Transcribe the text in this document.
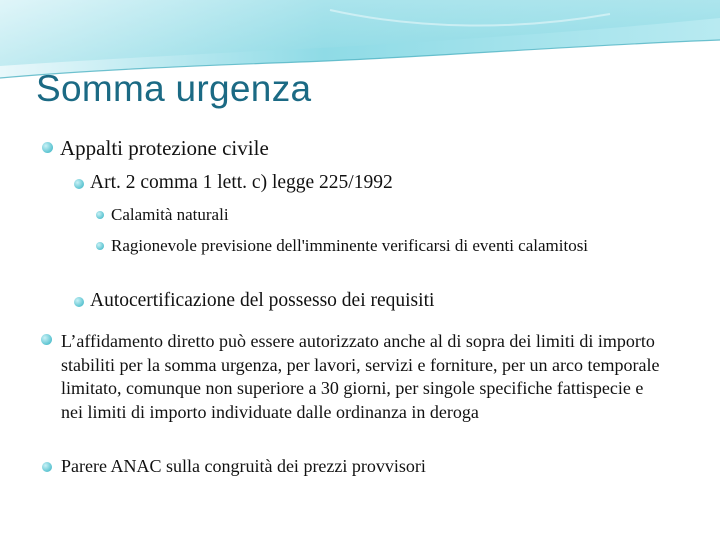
Somma urgenza
Appalti protezione civile
Art. 2 comma 1 lett. c) legge 225/1992
Calamità naturali
Ragionevole previsione dell'imminente verificarsi di eventi calamitosi
Autocertificazione del possesso dei requisiti
L’affidamento diretto può essere autorizzato anche al di sopra dei limiti di importo stabiliti per la somma urgenza, per lavori, servizi e forniture, per un arco temporale limitato, comunque non superiore a 30 giorni, per singole specifiche fattispecie e nei limiti di importo individuate dalle ordinanza in deroga
Parere ANAC sulla congruità dei prezzi provvisori
